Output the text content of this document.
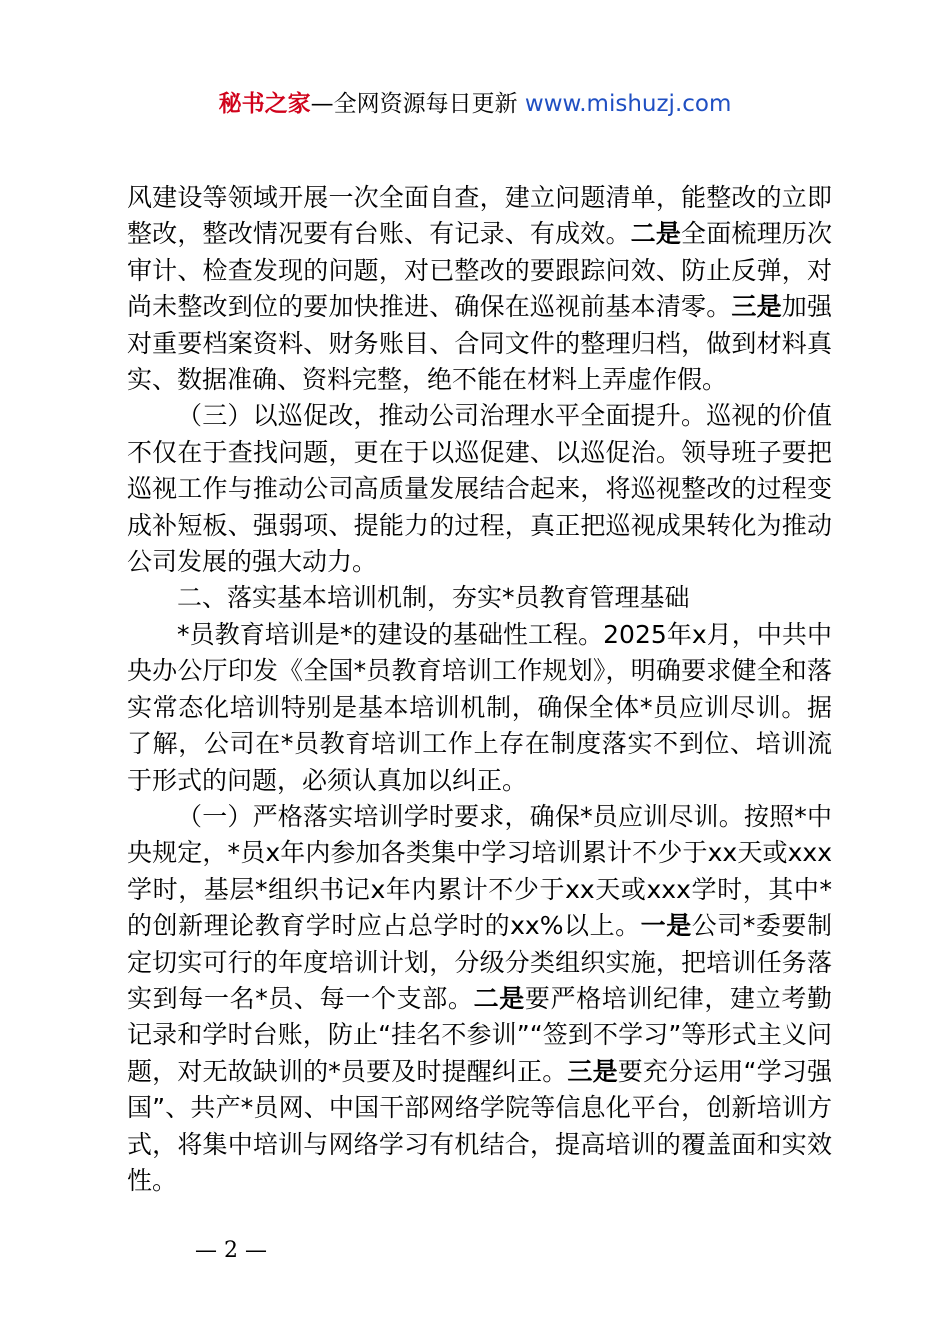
秘书之家—全网资源每日更新 www.mishuzj.com

风建设等领域开展一次全面自查，建立问题清单，能整改的立即整改，整改情况要有台账、有记录、有成效。二是全面梳理历次审计、检查发现的问题，对已整改的要跟踪问效、防止反弹，对尚未整改到位的要加快推进、确保在巡视前基本清零。三是加强对重要档案资料、财务账目、合同文件的整理归档，做到材料真实、数据准确、资料完整，绝不能在材料上弄虚作假。

（三）以巡促改，推动公司治理水平全面提升。巡视的价值不仅在于查找问题，更在于以巡促建、以巡促治。领导班子要把巡视工作与推动公司高质量发展结合起来，将巡视整改的过程变成补短板、强弱项、提能力的过程，真正把巡视成果转化为推动公司发展的强大动力。

二、落实基本培训机制，夯实*员教育管理基础

*员教育培训是*的建设的基础性工程。2025年x月，中共中央办公厅印发《全国*员教育培训工作规划》，明确要求健全和落实常态化培训特别是基本培训机制，确保全体*员应训尽训。据了解，公司在*员教育培训工作上存在制度落实不到位、培训流于形式的问题，必须认真加以纠正。

（一）严格落实培训学时要求，确保*员应训尽训。按照*中央规定，*员x年内参加各类集中学习培训累计不少于xx天或xxx学时，基层*组织书记x年内累计不少于xx天或xxx学时，其中*的创新理论教育学时应占总学时的xx%以上。一是公司*委要制定切实可行的年度培训计划，分级分类组织实施，把培训任务落实到每一名*员、每一个支部。二是要严格培训纪律，建立考勤记录和学时台账，防止“挂名不参训”“签到不学习”等形式主义问题，对无故缺训的*员要及时提醒纠正。三是要充分运用“学习强国”、共产*员网、中国干部网络学院等信息化平台，创新培训方式，将集中培训与网络学习有机结合，提高培训的覆盖面和实效性。

— 2 —
